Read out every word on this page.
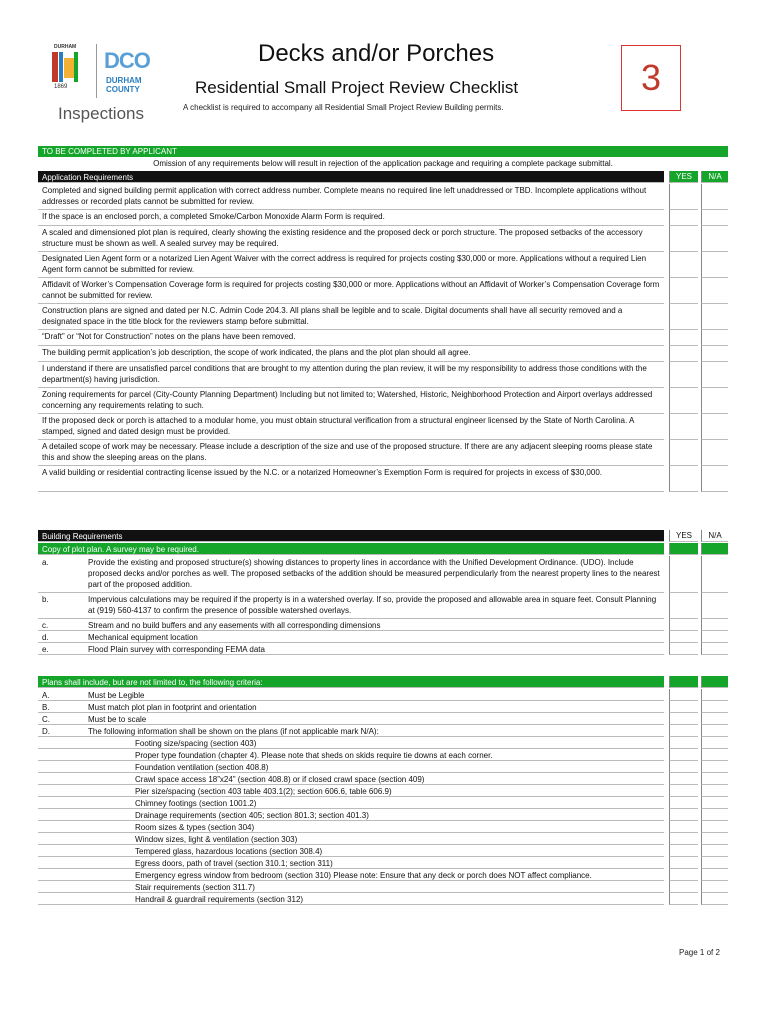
DURHAM
1869
DCO
DURHAM COUNTY
Inspections
Decks and/or Porches
Residential Small Project Review Checklist
A checklist is required to accompany all Residential Small Project Review Building permits.
3
TO BE COMPLETED BY APPLICANT
Omission of any requirements below will result in rejection of the application package and requiring a complete package submittal.
Application Requirements	YES	N/A
Completed and signed building permit application with correct address number. Complete means no required line left unaddressed or TBD. Incomplete applications without addresses or recorded plats cannot be submitted for review.
If the space is an enclosed porch, a completed Smoke/Carbon Monoxide Alarm Form is required.
A scaled and dimensioned plot plan is required, clearly showing the existing residence and the proposed deck or porch structure. The proposed setbacks of the accessory structure must be shown as well. A sealed survey may be required.
Designated Lien Agent form or a notarized Lien Agent Waiver with the correct address is required for projects costing $30,000 or more. Applications without a required Lien Agent form cannot be submitted for review.
Affidavit of Worker’s Compensation Coverage form is required for projects costing $30,000 or more. Applications without an Affidavit of Worker’s Compensation Coverage form cannot be submitted for review.
Construction plans are signed and dated per N.C. Admin Code 204.3. All plans shall be legible and to scale. Digital documents shall have all security removed and a designated space in the title block for the reviewers stamp before submittal.
“Draft” or “Not for Construction” notes on the plans have been removed.
The building permit application’s job description, the scope of work indicated, the plans and the plot plan should all agree.
I understand if there are unsatisfied parcel conditions that are brought to my attention during the plan review, it will be my responsibility to address those conditions with the department(s) having jurisdiction.
Zoning requirements for parcel (City-County Planning Department) Including but not limited to; Watershed, Historic, Neighborhood Protection and Airport overlays addressed concerning any requirements relating to such.
If the proposed deck or porch is attached to a modular home, you must obtain structural verification from a structural engineer licensed by the State of North Carolina. A stamped, signed and dated design must be provided.
A detailed scope of work may be necessary. Please include a description of the size and use of the proposed structure. If there are any adjacent sleeping rooms please state this and show the sleeping areas on the plans.
A valid building or residential contracting license issued by the N.C. or a notarized Homeowner’s Exemption Form is required for projects in excess of $30,000.
Building Requirements	YES	N/A
Copy of plot plan. A survey may be required.
a.	Provide the existing and proposed structure(s) showing distances to property lines in accordance with the Unified Development Ordinance. (UDO). Include proposed decks and/or porches as well. The proposed setbacks of the addition should be measured perpendicularly from the nearest property lines to the nearest part of the proposed addition.
b.	Impervious calculations may be required if the property is in a watershed overlay. If so, provide the proposed and allowable area in square feet. Consult Planning at (919) 560-4137 to confirm the presence of possible watershed overlays.
c.	Stream and no build buffers and any easements with all corresponding dimensions
d.	Mechanical equipment location
e.	Flood Plain survey with corresponding FEMA data
Plans shall include, but are not limited to, the following criteria:
A.	Must be Legible
B.	Must match plot plan in footprint and orientation
C.	Must be to scale
D.	The following information shall be shown on the plans (if not applicable mark N/A):
Footing size/spacing (section 403)
Proper type foundation (chapter 4). Please note that sheds on skids require tie downs at each corner.
Foundation ventilation (section 408.8)
Crawl space access 18”x24” (section 408.8) or if closed crawl space (section 409)
Pier size/spacing (section 403 table 403.1(2); section 606.6, table 606.9)
Chimney footings (section 1001.2)
Drainage requirements (section 405; section 801.3; section 401.3)
Room sizes & types (section 304)
Window sizes, light & ventilation (section 303)
Tempered glass, hazardous locations (section 308.4)
Egress doors, path of travel (section 310.1; section 311)
Emergency egress window from bedroom (section 310) Please note: Ensure that any deck or porch does NOT affect compliance.
Stair requirements (section 311.7)
Handrail & guardrail requirements (section 312)
Page 1 of 2
